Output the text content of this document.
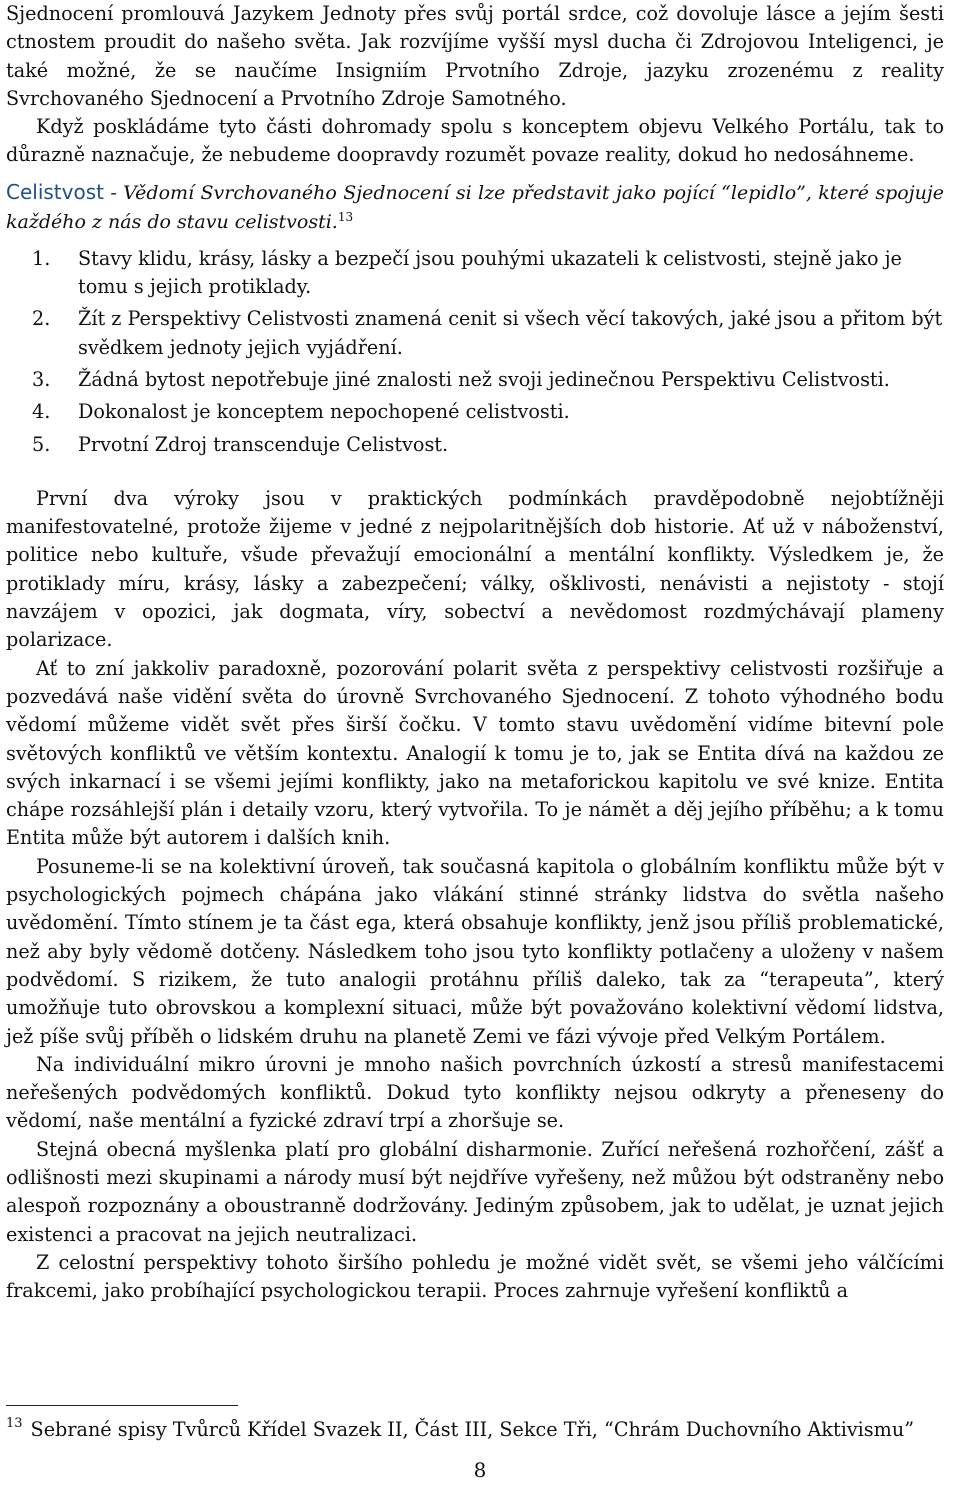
Sjednocení promlouvá Jazykem Jednoty přes svůj portál srdce, což dovoluje lásce a jejím šesti ctnostem proudit do našeho světa. Jak rozvíjíme vyšší mysl ducha či Zdrojovou Inteligenci, je také možné, že se naučíme Insigniím Prvotního Zdroje, jazyku zrozenému z reality Svrchovaného Sjednocení a Prvotního Zdroje Samotného.

Když poskládáme tyto části dohromady spolu s konceptem objevu Velkého Portálu, tak to důrazně naznačuje, že nebudeme doopravdy rozumět povaze reality, dokud ho nedosáhneme.

Celistvost - Vědomí Svrchovaného Sjednocení si lze představit jako pojící “lepidlo”, které spojuje každého z nás do stavu celistvosti.$^{13}$

1. Stavy klidu, krásy, lásky a bezpečí jsou pouhými ukazateli k celistvosti, stejně jako je tomu s jejich protiklady.
2. Žít z Perspektivy Celistvosti znamená cenit si všech věcí takových, jaké jsou a přitom být svědkem jednoty jejich vyjádření.
3. Žádná bytost nepotřebuje jiné znalosti než svoji jedinečnou Perspektivu Celistvosti.
4. Dokonalost je konceptem nepochopené celistvosti.
5. Prvotní Zdroj transcenduje Celistvost.

První dva výroky jsou v praktických podmínkách pravděpodobně nejobtížněji manifestovatelné, protože žijeme v jedné z nejpolaritnějších dob historie. Ať už v náboženství, politice nebo kultuře, všude převažují emocionální a mentální konflikty. Výsledkem je, že protiklady míru, krásy, lásky a zabezpečení; války, ošklivosti, nenávisti a nejistoty - stojí navzájem v opozici, jak dogmata, víry, sobectví a nevědomost rozdmýchávají plameny polarizace.

Ať to zní jakkoliv paradoxně, pozorování polarit světa z perspektivy celistvosti rozšiřuje a pozvedává naše vidění světa do úrovně Svrchovaného Sjednocení. Z tohoto výhodného bodu vědomí můžeme vidět svět přes širší čočku. V tomto stavu uvědomění vidíme bitevní pole světových konfliktů ve větším kontextu. Analogií k tomu je to, jak se Entita dívá na každou ze svých inkarnací i se všemi jejími konflikty, jako na metaforickou kapitolu ve své knize. Entita chápe rozsáhlejší plán i detaily vzoru, který vytvořila. To je námět a děj jejího příběhu; a k tomu Entita může být autorem i dalších knih.

Posuneme-li se na kolektivní úroveň, tak současná kapitola o globálním konfliktu může být v psychologických pojmech chápána jako vlákání stinné stránky lidstva do světla našeho uvědomění. Tímto stínem je ta část ega, která obsahuje konflikty, jenž jsou příliš problematické, než aby byly vědomě dotčeny. Následkem toho jsou tyto konflikty potlačeny a uloženy v našem podvědomí. S rizikem, že tuto analogii protáhnu příliš daleko, tak za “terapeuta”, který umožňuje tuto obrovskou a komplexní situaci, může být považováno kolektivní vědomí lidstva, jež píše svůj příběh o lidském druhu na planetě Zemi ve fázi vývoje před Velkým Portálem.

Na individuální mikro úrovni je mnoho našich povrchních úzkostí a stresů manifestacemi neřešených podvědomých konfliktů. Dokud tyto konflikty nejsou odkryty a přeneseny do vědomí, naše mentální a fyzické zdraví trpí a zhoršuje se.

Stejná obecná myšlenka platí pro globální disharmonie. Zuřící neřešená rozhořčení, zášť a odlišnosti mezi skupinami a národy musí být nejdříve vyřešeny, než můžou být odstraněny nebo alespoň rozpoznány a oboustranně dodržovány. Jediným způsobem, jak to udělat, je uznat jejich existenci a pracovat na jejich neutralizaci.

Z celostní perspektivy tohoto širšího pohledu je možné vidět svět, se všemi jeho válčícími frakcemi, jako probíhající psychologickou terapii. Proces zahrnuje vyřešení konfliktů a

$^{13}$ Sebrané spisy Tvůrců Křídel Svazek II, Část III, Sekce Tři, “Chrám Duchovního Aktivismu”

8
